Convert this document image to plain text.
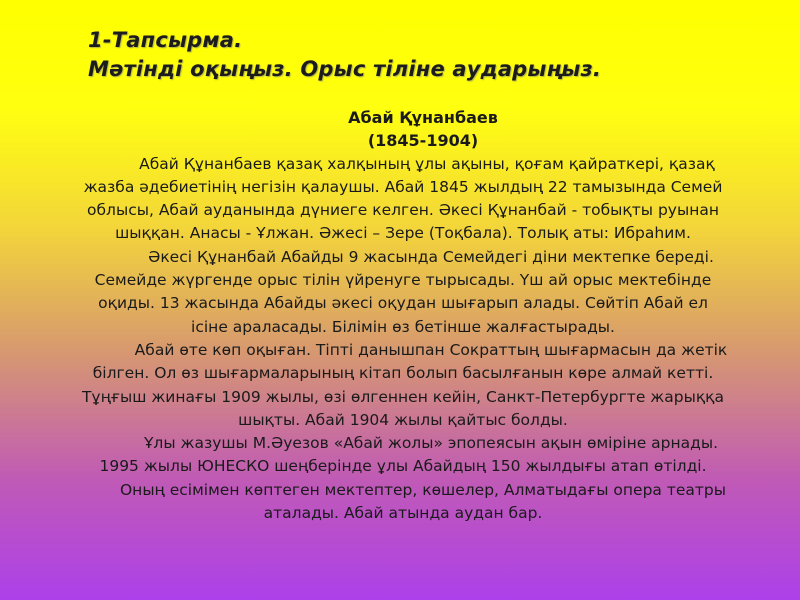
1-Тапсырма.
Мәтінді оқыңыз. Орыс тіліне аударыңыз.
Абай Құнанбаев
(1845-1904)
Абай Құнанбаев қазақ халқының ұлы ақыны, қоғам қайраткері, қазақ
жазба әдебиетінің негізін қалаушы. Абай 1845 жылдың 22 тамызында Семей
облысы, Абай ауданында дүниеге келген. Әкесі Құнанбай - тобықты руынан
шыққан. Анасы - Ұлжан. Әжесі – Зере (Тоқбала). Толық аты: Ибраһим.
Әкесі Құнанбай Абайды 9 жасында Семейдегі діни мектепке береді.
Семейде жүргенде орыс тілін үйренуге тырысады. Үш ай орыс мектебінде
оқиды. 13 жасында Абайды әкесі оқудан шығарып алады. Сөйтіп Абай ел
ісіне араласады. Білімін өз бетінше жалғастырады.
Абай өте көп оқыған. Тіпті данышпан Сократтың шығармасын да жетік
білген. Ол өз шығармаларының кітап болып басылғанын көре алмай кетті.
Тұңғыш жинағы 1909 жылы, өзі өлгеннен кейін, Санкт-Петербургте жарыққа
шықты. Абай 1904 жылы қайтыс болды.
Ұлы жазушы М.Әуезов «Абай жолы» эпопеясын ақын өміріне арнады.
1995 жылы ЮНЕСКО шеңберінде ұлы Абайдың 150 жылдығы атап өтілді.
Оның есімімен көптеген мектептер, көшелер, Алматыдағы опера театры
аталады. Абай атында аудан бар.
